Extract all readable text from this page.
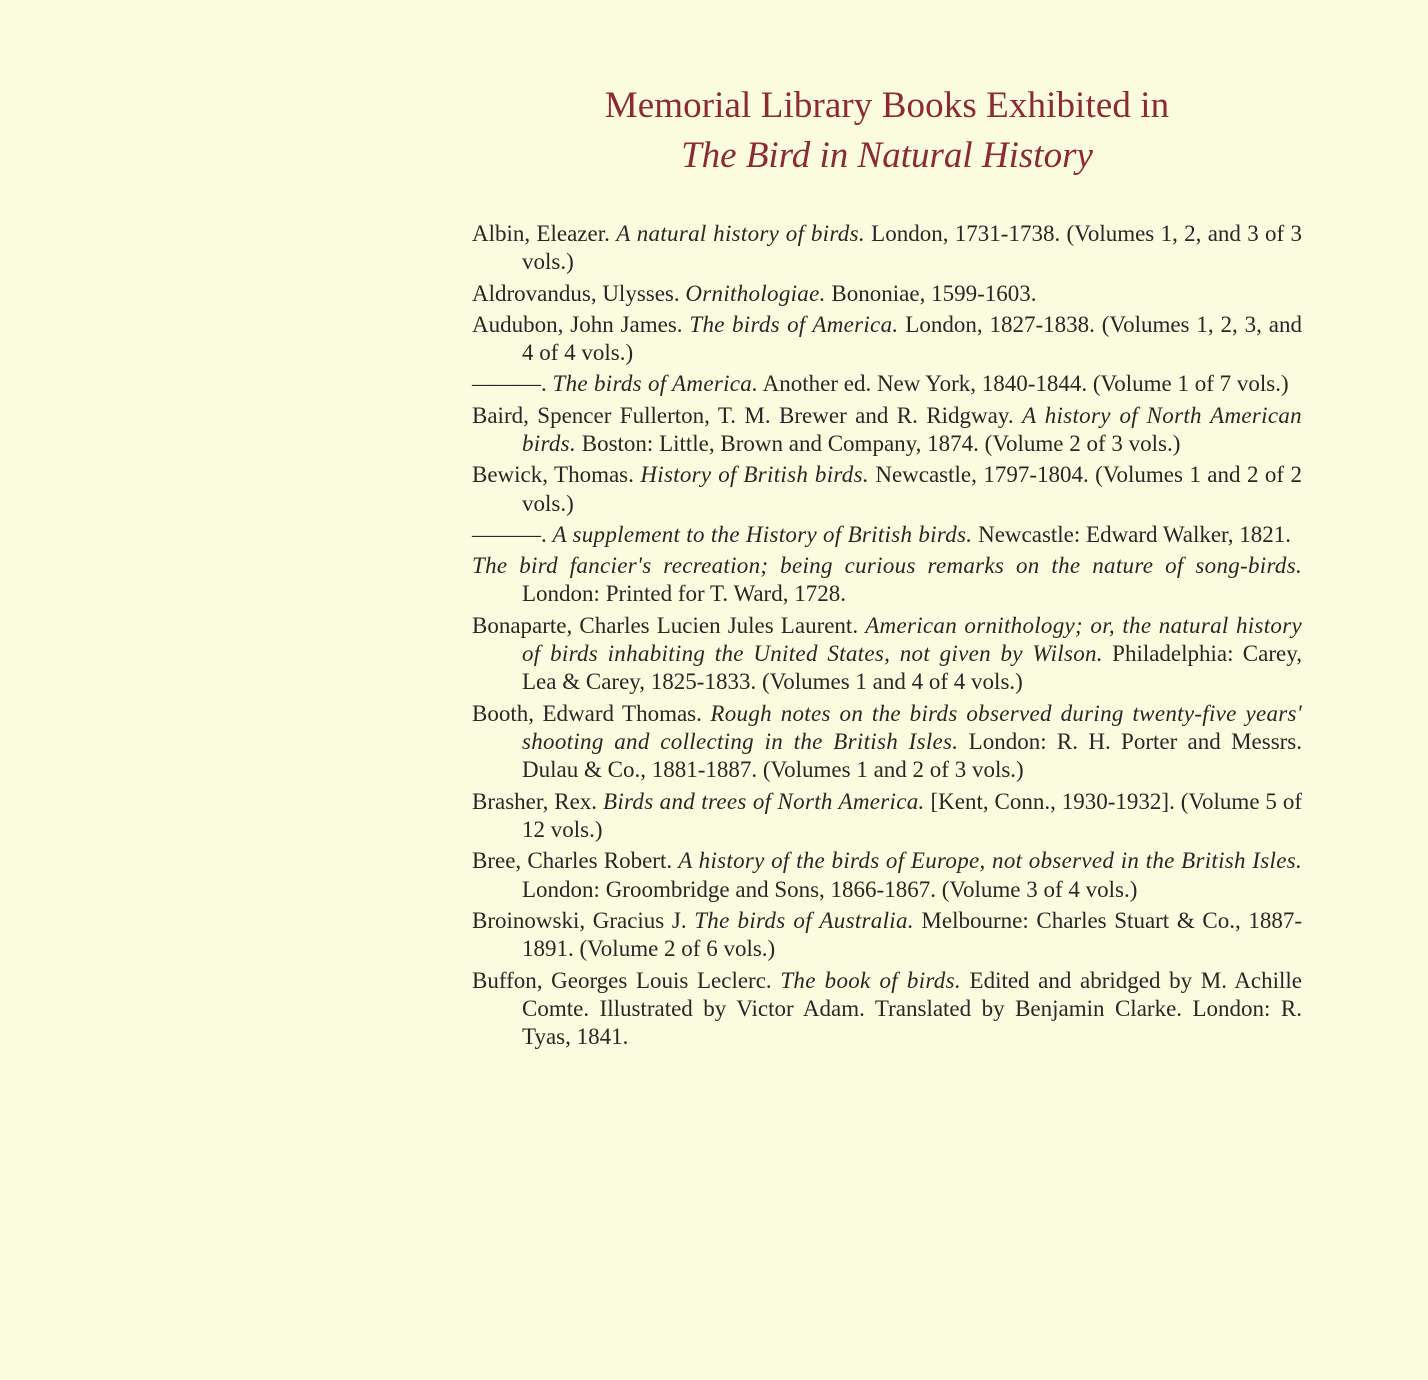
Memorial Library Books Exhibited in
The Bird in Natural History

Albin, Eleazer. A natural history of birds. London, 1731-1738. (Volumes 1, 2, and 3 of 3 vols.)

Aldrovandus, Ulysses. Ornithologiae. Bononiae, 1599-1603.

Audubon, John James. The birds of America. London, 1827-1838. (Volumes 1, 2, 3, and 4 of 4 vols.)

———. The birds of America. Another ed. New York, 1840-1844. (Volume 1 of 7 vols.)

Baird, Spencer Fullerton, T. M. Brewer and R. Ridgway. A history of North American birds. Boston: Little, Brown and Company, 1874. (Volume 2 of 3 vols.)

Bewick, Thomas. History of British birds. Newcastle, 1797-1804. (Volumes 1 and 2 of 2 vols.)

———. A supplement to the History of British birds. Newcastle: Edward Walker, 1821.

The bird fancier's recreation; being curious remarks on the nature of song-birds. London: Printed for T. Ward, 1728.

Bonaparte, Charles Lucien Jules Laurent. American ornithology; or, the natural history of birds inhabiting the United States, not given by Wilson. Philadelphia: Carey, Lea & Carey, 1825-1833. (Volumes 1 and 4 of 4 vols.)

Booth, Edward Thomas. Rough notes on the birds observed during twenty-five years' shooting and collecting in the British Isles. London: R. H. Porter and Messrs. Dulau & Co., 1881-1887. (Volumes 1 and 2 of 3 vols.)

Brasher, Rex. Birds and trees of North America. [Kent, Conn., 1930-1932]. (Volume 5 of 12 vols.)

Bree, Charles Robert. A history of the birds of Europe, not observed in the British Isles. London: Groombridge and Sons, 1866-1867. (Volume 3 of 4 vols.)

Broinowski, Gracius J. The birds of Australia. Melbourne: Charles Stuart & Co., 1887-1891. (Volume 2 of 6 vols.)

Buffon, Georges Louis Leclerc. The book of birds. Edited and abridged by M. Achille Comte. Illustrated by Victor Adam. Translated by Benjamin Clarke. London: R. Tyas, 1841.
